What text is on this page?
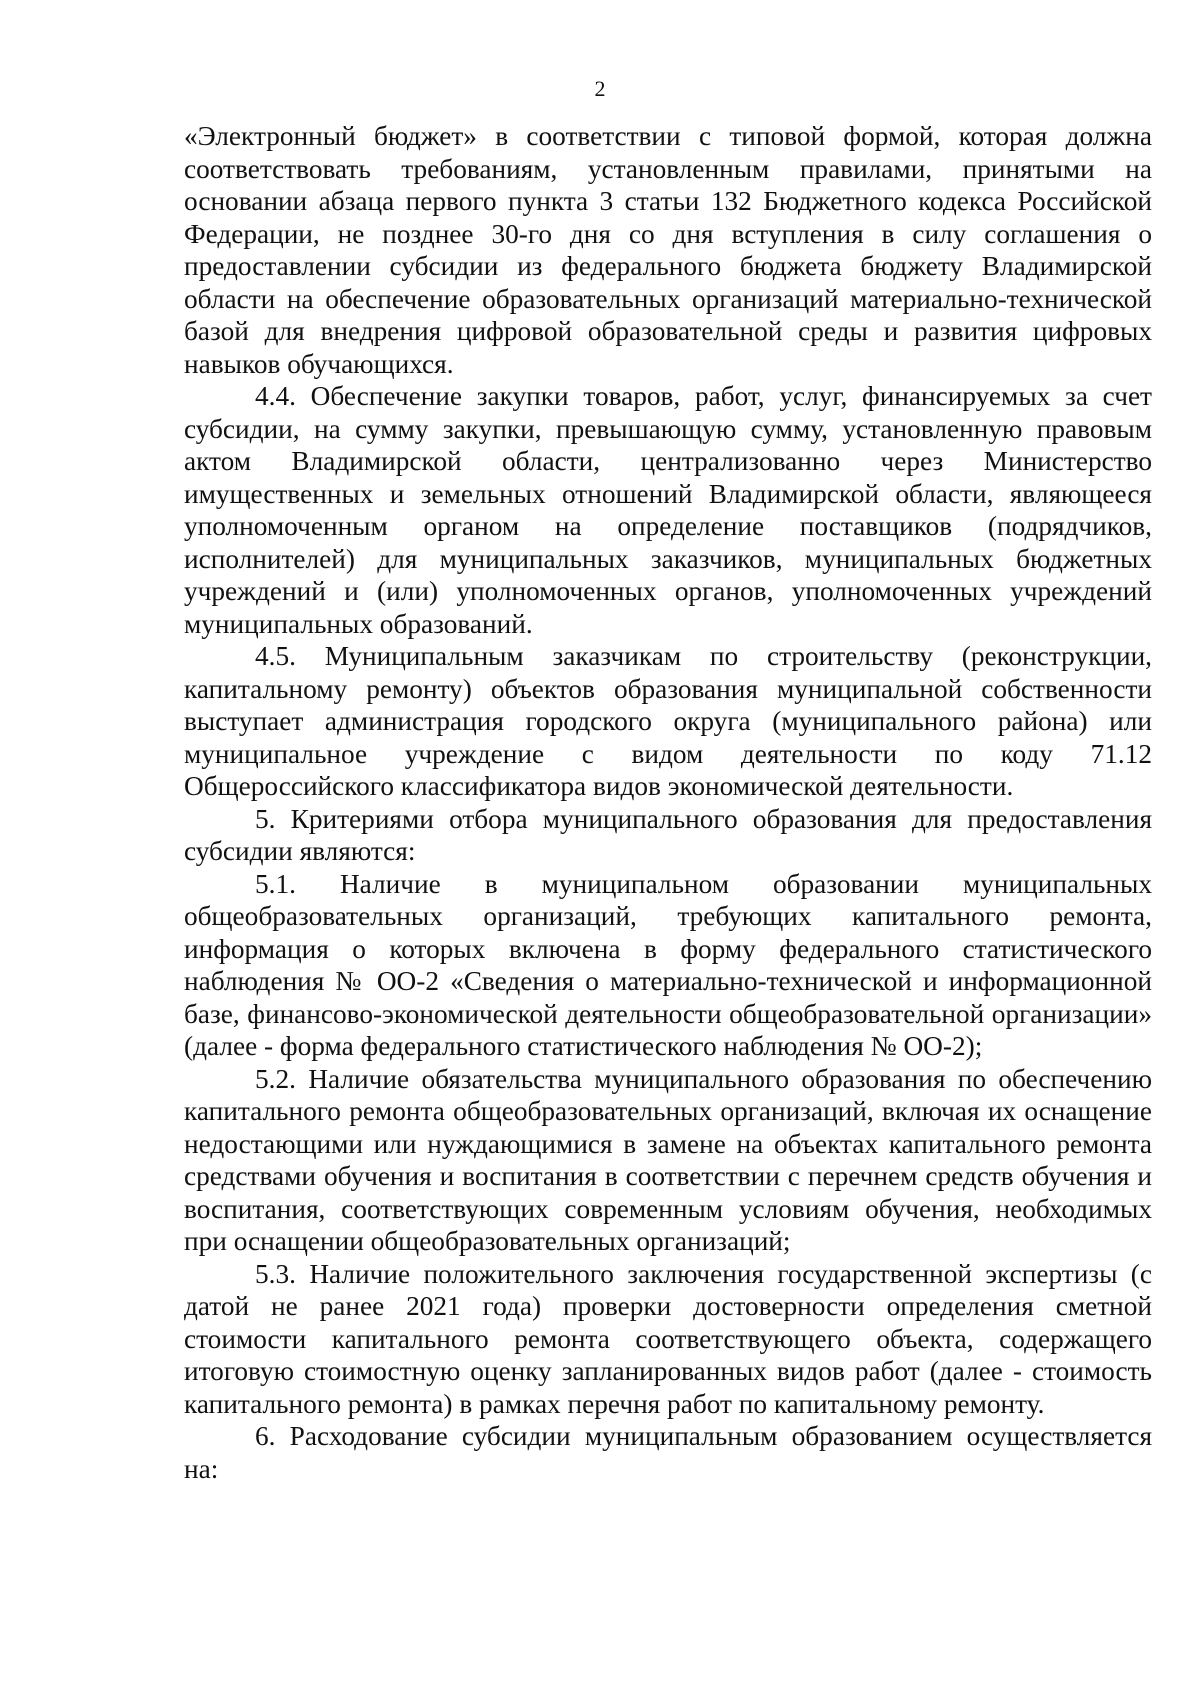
2

«Электронный бюджет» в соответствии с типовой формой, которая должна соответствовать требованиям, установленным правилами, принятыми на основании абзаца первого пункта 3 статьи 132 Бюджетного кодекса Российской Федерации, не позднее 30-го дня со дня вступления в силу соглашения о предоставлении субсидии из федерального бюджета бюджету Владимирской области на обеспечение образовательных организаций материально-технической базой для внедрения цифровой образовательной среды и развития цифровых навыков обучающихся.

4.4. Обеспечение закупки товаров, работ, услуг, финансируемых за счет субсидии, на сумму закупки, превышающую сумму, установленную правовым актом Владимирской области, централизованно через Министерство имущественных и земельных отношений Владимирской области, являющееся уполномоченным органом на определение поставщиков (подрядчиков, исполнителей) для муниципальных заказчиков, муниципальных бюджетных учреждений и (или) уполномоченных органов, уполномоченных учреждений муниципальных образований.

4.5. Муниципальным заказчикам по строительству (реконструкции, капитальному ремонту) объектов образования муниципальной собственности выступает администрация городского округа (муниципального района) или муниципальное учреждение с видом деятельности по коду 71.12 Общероссийского классификатора видов экономической деятельности.

5. Критериями отбора муниципального образования для предоставления субсидии являются:

5.1. Наличие в муниципальном образовании муниципальных общеобразовательных организаций, требующих капитального ремонта, информация о которых включена в форму федерального статистического наблюдения № ОО-2 «Сведения о материально-технической и информационной базе, финансово-экономической деятельности общеобразовательной организации» (далее - форма федерального статистического наблюдения № ОО-2);

5.2. Наличие обязательства муниципального образования по обеспечению капитального ремонта общеобразовательных организаций, включая их оснащение недостающими или нуждающимися в замене на объектах капитального ремонта средствами обучения и воспитания в соответствии с перечнем средств обучения и воспитания, соответствующих современным условиям обучения, необходимых при оснащении общеобразовательных организаций;

5.3. Наличие положительного заключения государственной экспертизы (с датой не ранее 2021 года) проверки достоверности определения сметной стоимости капитального ремонта соответствующего объекта, содержащего итоговую стоимостную оценку запланированных видов работ (далее - стоимость капитального ремонта) в рамках перечня работ по капитальному ремонту.

6. Расходование субсидии муниципальным образованием осуществляется на:
